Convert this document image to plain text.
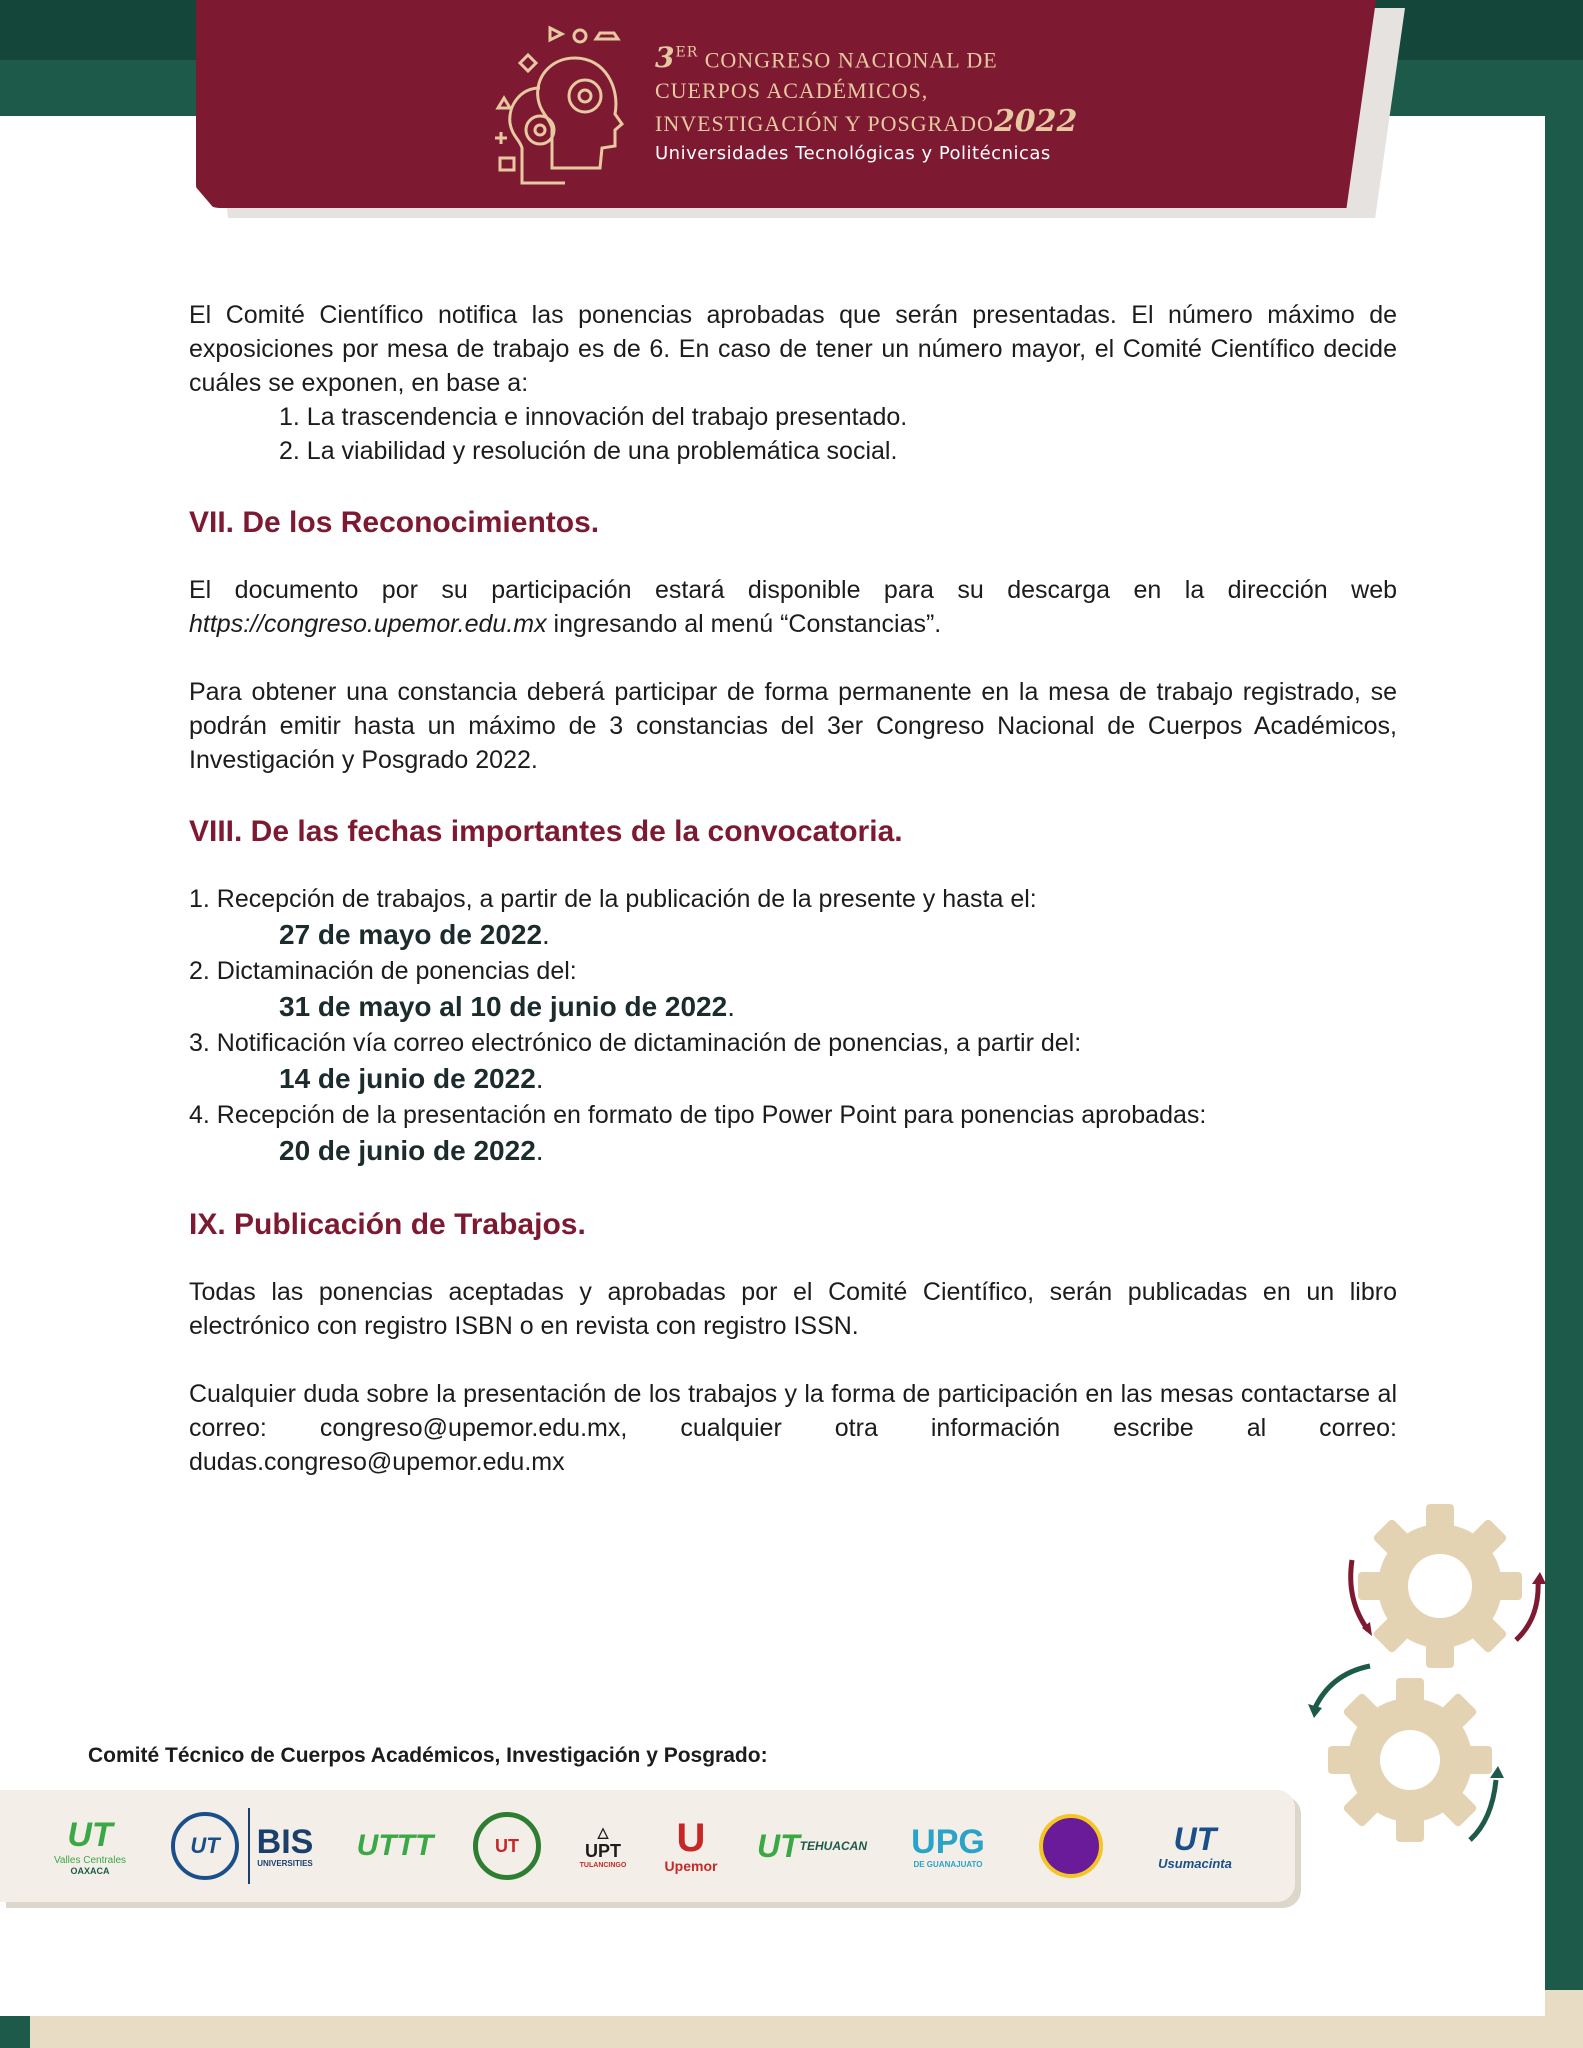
3ER CONGRESO NACIONAL DE
CUERPOS ACADÉMICOS,
INVESTIGACIÓN Y POSGRADO2022
Universidades Tecnológicas y Politécnicas

El Comité Científico notifica las ponencias aprobadas que serán presentadas. El número máximo de exposiciones por mesa de trabajo es de 6. En caso de tener un número mayor, el Comité Científico decide cuáles se exponen, en base a:

1. La trascendencia e innovación del trabajo presentado.

2. La viabilidad y resolución de una problemática social.

VII. De los Reconocimientos.

El documento por su participación estará disponible para su descarga en la dirección web https://congreso.upemor.edu.mx ingresando al menú “Constancias”.

Para obtener una constancia deberá participar de forma permanente en la mesa de trabajo registrado, se podrán emitir hasta un máximo de 3 constancias del 3er Congreso Nacional de Cuerpos Académicos, Investigación y Posgrado 2022.

VIII. De las fechas importantes de la convocatoria.
1. Recepción de trabajos, a partir de la publicación de la presente y hasta el:
27 de mayo de 2022.
2. Dictaminación de ponencias del:
31 de mayo al 10 de junio de 2022.
3. Notificación vía correo electrónico de dictaminación de ponencias, a partir del:
14 de junio de 2022.
4. Recepción de la presentación en formato de tipo Power Point para ponencias aprobadas:
20 de junio de 2022.
IX. Publicación de Trabajos.

Todas las ponencias aceptadas y aprobadas por el Comité Científico, serán publicadas en un libro electrónico con registro ISBN o en revista con registro ISSN.

Cualquier duda sobre la presentación de los trabajos y la forma de participación en las mesas contactarse al correo: congreso@upemor.edu.mx, cualquier otra información escribe al correo: dudas.congreso@upemor.edu.mx

Comité Técnico de Cuerpos Académicos, Investigación y Posgrado:
UT
Valles Centrales
OAXACA
UT	BIS
UNIVERSITIES
UTTT	UT
△
UPT
TULANCINGO
U
Upemor
UT TEHUACAN UPG
DE GUANAJUATO
UT
Usumacinta
